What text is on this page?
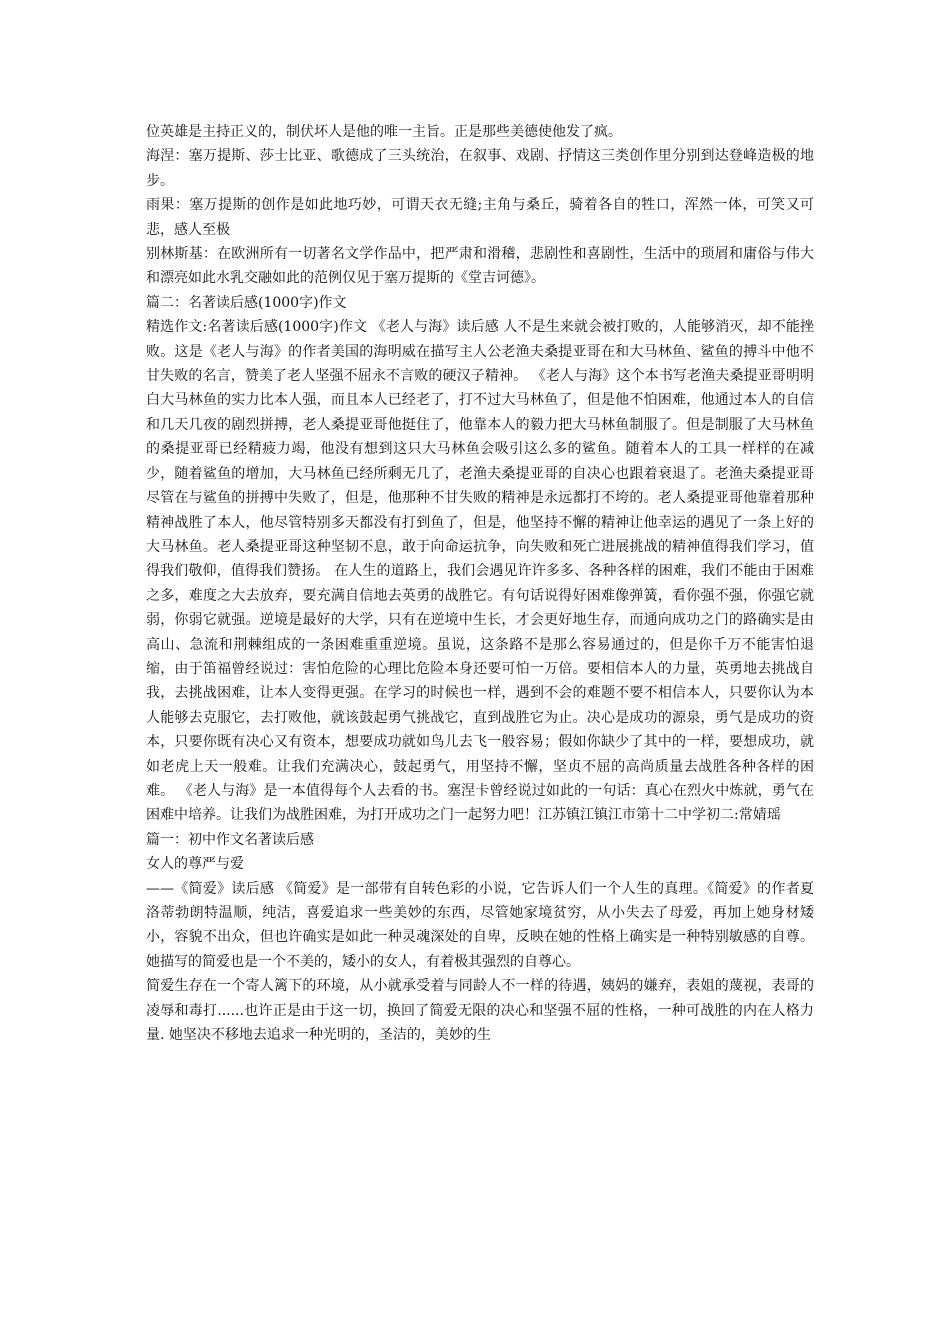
位英雄是主持正义的，制伏坏人是他的唯一主旨。正是那些美德使他发了疯。

海涅：塞万提斯、莎士比亚、歌德成了三头统治，在叙事、戏剧、抒情这三类创作里分别到达登峰造极的地步。

雨果：塞万提斯的创作是如此地巧妙，可谓天衣无缝;主角与桑丘，骑着各自的牲口，浑然一体，可笑又可悲，感人至极

别林斯基：在欧洲所有一切著名文学作品中，把严肃和滑稽，悲剧性和喜剧性，生活中的琐屑和庸俗与伟大和漂亮如此水乳交融如此的范例仅见于塞万提斯的《堂吉诃德》。

篇二：名著读后感(1000字)作文

精选作文:名著读后感(1000字)作文 《老人与海》读后感 人不是生来就会被打败的，人能够消灭，却不能挫败。这是《老人与海》的作者美国的海明威在描写主人公老渔夫桑提亚哥在和大马林鱼、鲨鱼的搏斗中他不甘失败的名言，赞美了老人坚强不屈永不言败的硬汉子精神。 《老人与海》这个本书写老渔夫桑提亚哥明明白大马林鱼的实力比本人强，而且本人已经老了，打不过大马林鱼了，但是他不怕困难，他通过本人的自信和几天几夜的剧烈拼搏，老人桑提亚哥他挺住了，他靠本人的毅力把大马林鱼制服了。但是制服了大马林鱼的桑提亚哥已经精疲力竭，他没有想到这只大马林鱼会吸引这么多的鲨鱼。随着本人的工具一样样的在减少，随着鲨鱼的增加，大马林鱼已经所剩无几了，老渔夫桑提亚哥的自决心也跟着衰退了。老渔夫桑提亚哥尽管在与鲨鱼的拼搏中失败了，但是，他那种不甘失败的精神是永远都打不垮的。老人桑提亚哥他靠着那种精神战胜了本人，他尽管特别多天都没有打到鱼了，但是，他坚持不懈的精神让他幸运的遇见了一条上好的大马林鱼。老人桑提亚哥这种坚韧不息，敢于向命运抗争，向失败和死亡进展挑战的精神值得我们学习，值得我们敬仰，值得我们赞扬。 在人生的道路上，我们会遇见许许多多、各种各样的困难，我们不能由于困难之多，难度之大去放弃，要充满自信地去英勇的战胜它。有句话说得好困难像弹簧，看你强不强，你强它就弱，你弱它就强。逆境是最好的大学，只有在逆境中生长，才会更好地生存，而通向成功之门的路确实是由高山、急流和荆棘组成的一条困难重重逆境。虽说，这条路不是那么容易通过的，但是你千万不能害怕退缩，由于笛福曾经说过：害怕危险的心理比危险本身还要可怕一万倍。要相信本人的力量，英勇地去挑战自我，去挑战困难，让本人变得更强。在学习的时候也一样，遇到不会的难题不要不相信本人，只要你认为本人能够去克服它，去打败他，就该鼓起勇气挑战它，直到战胜它为止。决心是成功的源泉，勇气是成功的资本，只要你既有决心又有资本，想要成功就如鸟儿去飞一般容易；假如你缺少了其中的一样，要想成功，就如老虎上天一般难。让我们充满决心，鼓起勇气，用坚持不懈，坚贞不屈的高尚质量去战胜各种各样的困难。 《老人与海》是一本值得每个人去看的书。塞涅卡曾经说过如此的一句话：真心在烈火中炼就，勇气在困难中培养。让我们为战胜困难，为打开成功之门一起努力吧！江苏镇江镇江市第十二中学初二:常婧瑶

篇一：初中作文名著读后感

女人的尊严与爱

——《简爱》读后感 《简爱》是一部带有自转色彩的小说，它告诉人们一个人生的真理。《简爱》的作者夏洛蒂勃朗特温顺，纯洁，喜爱追求一些美妙的东西，尽管她家境贫穷，从小失去了母爱，再加上她身材矮小，容貌不出众，但也许确实是如此一种灵魂深处的自卑，反映在她的性格上确实是一种特别敏感的自尊。她描写的简爱也是一个不美的，矮小的女人，有着极其强烈的自尊心。

简爱生存在一个寄人篱下的环境，从小就承受着与同龄人不一样的待遇，姨妈的嫌弃，表姐的蔑视，表哥的凌辱和毒打......也许正是由于这一切，换回了简爱无限的决心和坚强不屈的性格，一种可战胜的内在人格力量. 她坚决不移地去追求一种光明的，圣洁的，美妙的生
